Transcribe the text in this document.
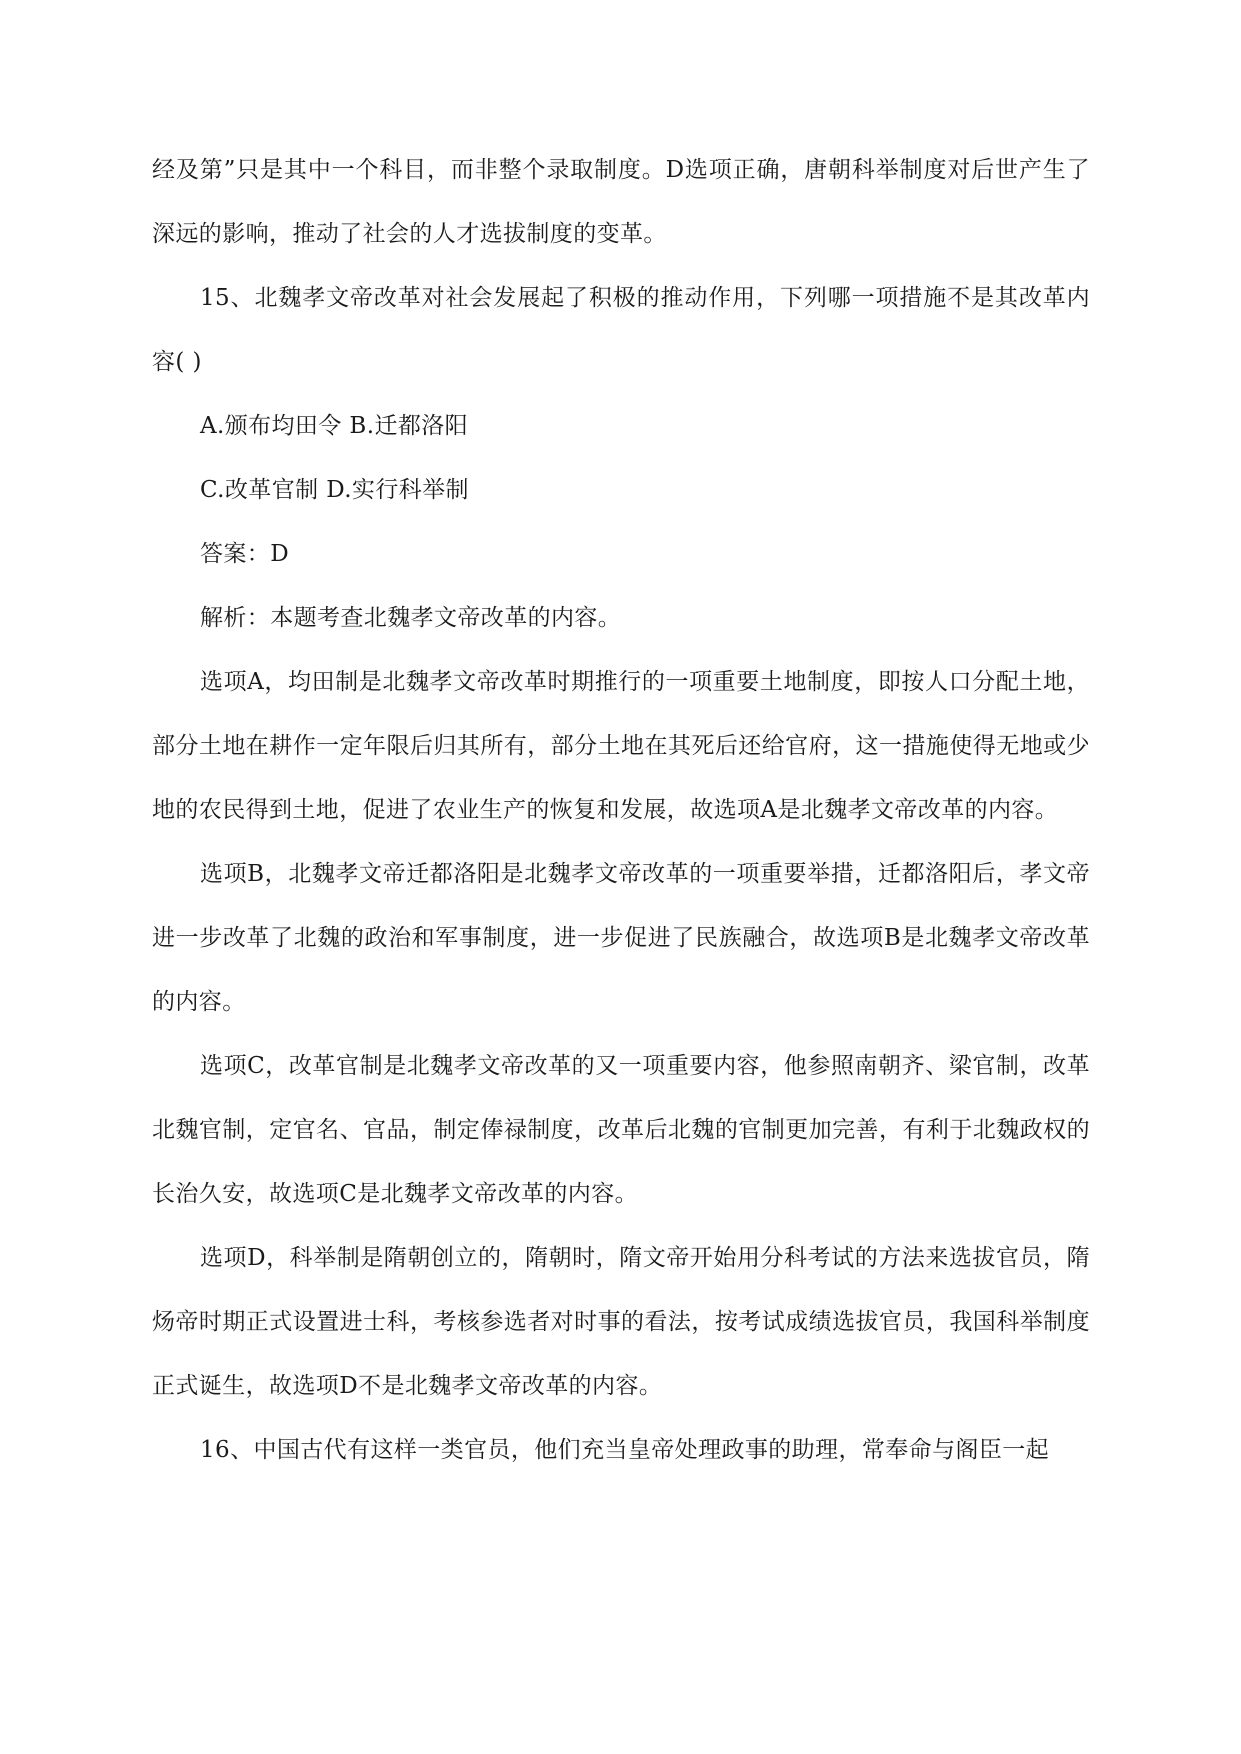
经及第”只是其中一个科目，而非整个录取制度。D选项正确，唐朝科举制度对后世产生了深远的影响，推动了社会的人才选拔制度的变革。

15、北魏孝文帝改革对社会发展起了积极的推动作用，下列哪一项措施不是其改革内容( )

A.颁布均田令 B.迁都洛阳

C.改革官制 D.实行科举制

答案：D

解析：本题考查北魏孝文帝改革的内容。

选项A，均田制是北魏孝文帝改革时期推行的一项重要土地制度，即按人口分配土地，部分土地在耕作一定年限后归其所有，部分土地在其死后还给官府，这一措施使得无地或少地的农民得到土地，促进了农业生产的恢复和发展，故选项A是北魏孝文帝改革的内容。

选项B，北魏孝文帝迁都洛阳是北魏孝文帝改革的一项重要举措，迁都洛阳后，孝文帝进一步改革了北魏的政治和军事制度，进一步促进了民族融合，故选项B是北魏孝文帝改革的内容。

选项C，改革官制是北魏孝文帝改革的又一项重要内容，他参照南朝齐、梁官制，改革北魏官制，定官名、官品，制定俸禄制度，改革后北魏的官制更加完善，有利于北魏政权的长治久安，故选项C是北魏孝文帝改革的内容。

选项D，科举制是隋朝创立的，隋朝时，隋文帝开始用分科考试的方法来选拔官员，隋炀帝时期正式设置进士科，考核参选者对时事的看法，按考试成绩选拔官员，我国科举制度正式诞生，故选项D不是北魏孝文帝改革的内容。

16、中国古代有这样一类官员，他们充当皇帝处理政事的助理，常奉命与阁臣一起
